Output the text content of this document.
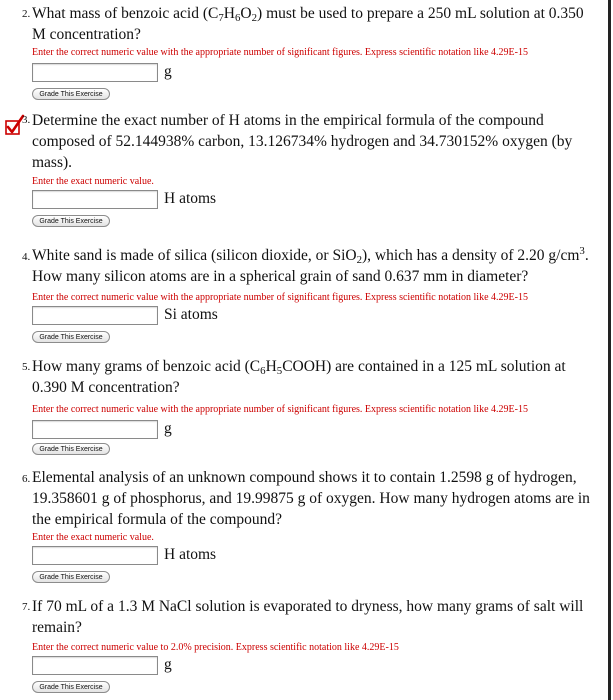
2. What mass of benzoic acid $(C_7H_6O_2)$ must be used to prepare a 250 mL solution at 0.350 M concentration?
Enter the correct numeric value with the appropriate number of significant figures. Express scientific notation like 4.29E-15
g
Grade This Exercise
3. Determine the exact number of H atoms in the empirical formula of the compound composed of 52.144938% carbon, 13.126734% hydrogen and 34.730152% oxygen (by mass).
Enter the exact numeric value.
H atoms
Grade This Exercise
4. White sand is made of silica (silicon dioxide, or SiO$_2$), which has a density of 2.20 $g/cm^3$. How many silicon atoms are in a spherical grain of sand 0.637 mm in diameter?
Enter the correct numeric value with the appropriate number of significant figures. Express scientific notation like 4.29E-15
Si atoms
Grade This Exercise
5. How many grams of benzoic acid $(C_6H_5COOH)$ are contained in a 125 mL solution at 0.390 M concentration?
Enter the correct numeric value with the appropriate number of significant figures. Express scientific notation like 4.29E-15
g
Grade This Exercise
6. Elemental analysis of an unknown compound shows it to contain 1.2598 g of hydrogen, 19.358601 g of phosphorus, and 19.99875 g of oxygen. How many hydrogen atoms are in the empirical formula of the compound?
Enter the exact numeric value.
H atoms
Grade This Exercise
7. If 70 mL of a 1.3 M NaCl solution is evaporated to dryness, how many grams of salt will remain?
Enter the correct numeric value to 2.0% precision. Express scientific notation like 4.29E-15
g
Grade This Exercise
